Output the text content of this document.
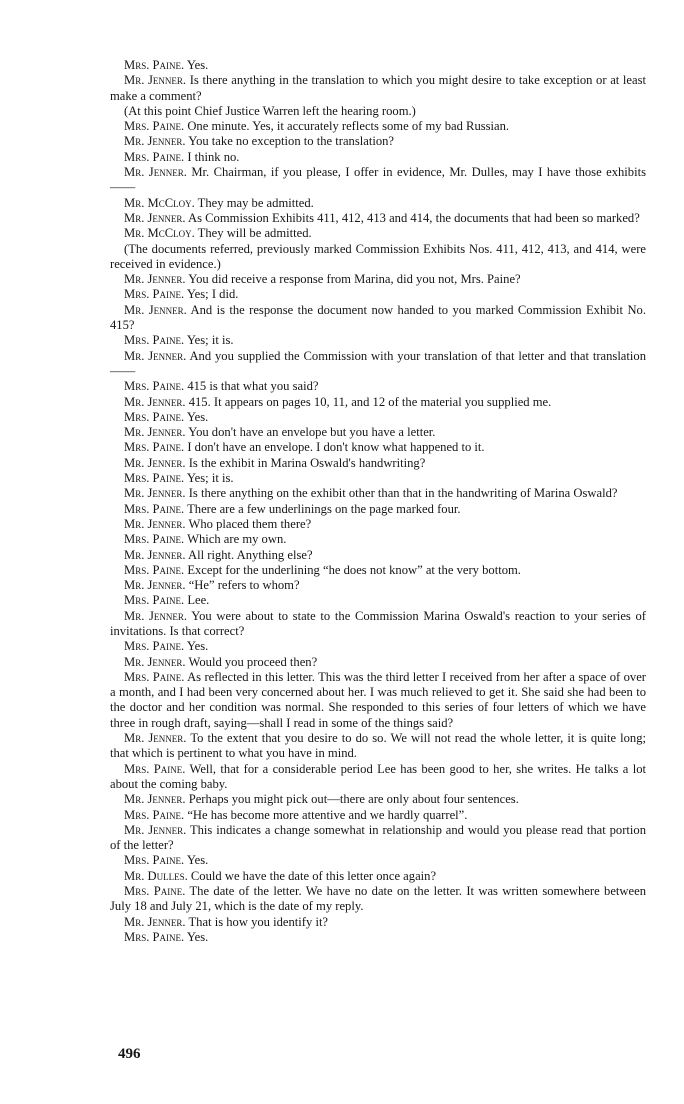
Mrs. Paine. Yes.

Mr. Jenner. Is there anything in the translation to which you might desire to take exception or at least make a comment?

(At this point Chief Justice Warren left the hearing room.)

Mrs. Paine. One minute. Yes, it accurately reflects some of my bad Russian.

Mr. Jenner. You take no exception to the translation?

Mrs. Paine. I think no.

Mr. Jenner. Mr. Chairman, if you please, I offer in evidence, Mr. Dulles, may I have those exhibits——

Mr. McCloy. They may be admitted.

Mr. Jenner. As Commission Exhibits 411, 412, 413 and 414, the documents that had been so marked?

Mr. McCloy. They will be admitted.

(The documents referred, previously marked Commission Exhibits Nos. 411, 412, 413, and 414, were received in evidence.)

Mr. Jenner. You did receive a response from Marina, did you not, Mrs. Paine?

Mrs. Paine. Yes; I did.

Mr. Jenner. And is the response the document now handed to you marked Commission Exhibit No. 415?

Mrs. Paine. Yes; it is.

Mr. Jenner. And you supplied the Commission with your translation of that letter and that translation——

Mrs. Paine. 415 is that what you said?

Mr. Jenner. 415. It appears on pages 10, 11, and 12 of the material you supplied me.

Mrs. Paine. Yes.

Mr. Jenner. You don't have an envelope but you have a letter.

Mrs. Paine. I don't have an envelope. I don't know what happened to it.

Mr. Jenner. Is the exhibit in Marina Oswald's handwriting?

Mrs. Paine. Yes; it is.

Mr. Jenner. Is there anything on the exhibit other than that in the handwriting of Marina Oswald?

Mrs. Paine. There are a few underlinings on the page marked four.

Mr. Jenner. Who placed them there?

Mrs. Paine. Which are my own.

Mr. Jenner. All right. Anything else?

Mrs. Paine. Except for the underlining “he does not know” at the very bottom.

Mr. Jenner. “He” refers to whom?

Mrs. Paine. Lee.

Mr. Jenner. You were about to state to the Commission Marina Oswald's reaction to your series of invitations. Is that correct?

Mrs. Paine. Yes.

Mr. Jenner. Would you proceed then?

Mrs. Paine. As reflected in this letter. This was the third letter I received from her after a space of over a month, and I had been very concerned about her. I was much relieved to get it. She said she had been to the doctor and her condition was normal. She responded to this series of four letters of which we have three in rough draft, saying—shall I read in some of the things said?

Mr. Jenner. To the extent that you desire to do so. We will not read the whole letter, it is quite long; that which is pertinent to what you have in mind.

Mrs. Paine. Well, that for a considerable period Lee has been good to her, she writes. He talks a lot about the coming baby.

Mr. Jenner. Perhaps you might pick out—there are only about four sentences.

Mrs. Paine. “He has become more attentive and we hardly quarrel”.

Mr. Jenner. This indicates a change somewhat in relationship and would you please read that portion of the letter?

Mrs. Paine. Yes.

Mr. Dulles. Could we have the date of this letter once again?

Mrs. Paine. The date of the letter. We have no date on the letter. It was written somewhere between July 18 and July 21, which is the date of my reply.

Mr. Jenner. That is how you identify it?

Mrs. Paine. Yes.

496
